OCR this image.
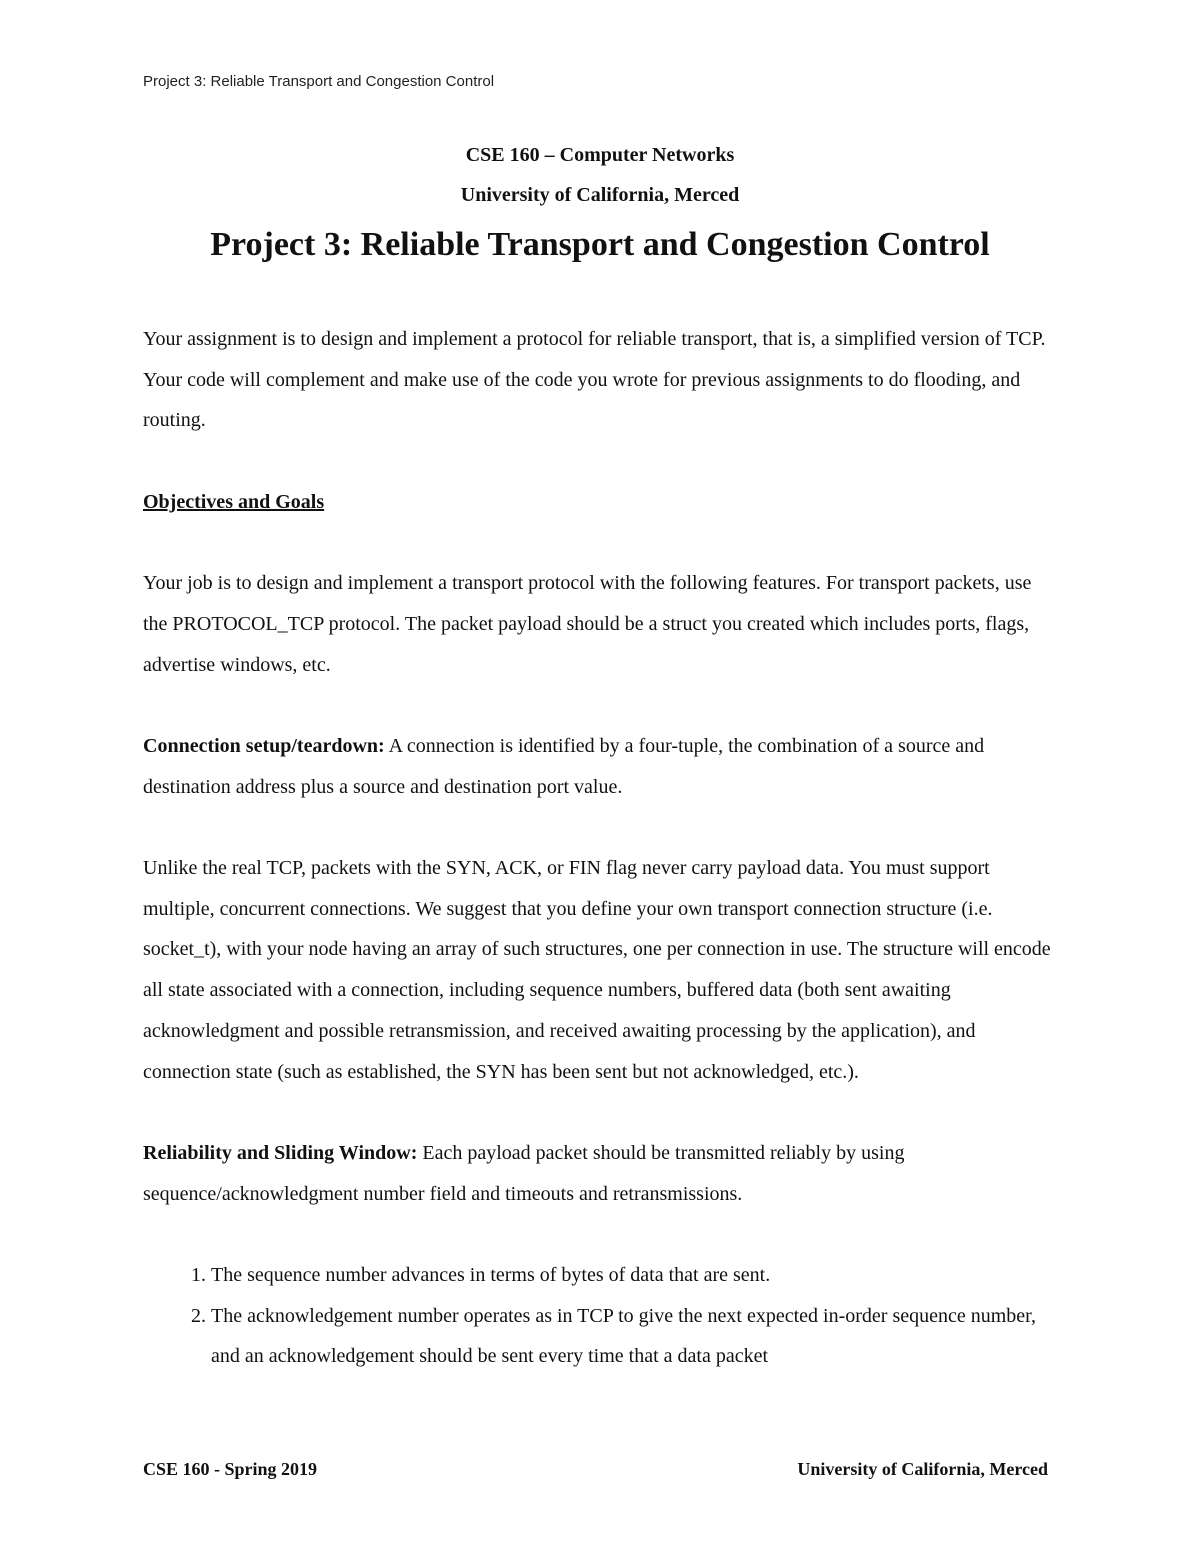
Project 3: Reliable Transport and Congestion Control
CSE 160 – Computer Networks
University of California, Merced
Project 3: Reliable Transport and Congestion Control

Your assignment is to design and implement a protocol for reliable transport, that is, a simplified version of TCP. Your code will complement and make use of the code you wrote for previous assignments to do flooding, and routing.

Objectives and Goals

Your job is to design and implement a transport protocol with the following features. For transport packets, use the PROTOCOL_TCP protocol. The packet payload should be a struct you created which includes ports, flags, advertise windows, etc.

Connection setup/teardown: A connection is identified by a four-tuple, the combination of a source and destination address plus a source and destination port value.

Unlike the real TCP, packets with the SYN, ACK, or FIN flag never carry payload data. You must support multiple, concurrent connections. We suggest that you define your own transport connection structure (i.e. socket_t), with your node having an array of such structures, one per connection in use. The structure will encode all state associated with a connection, including sequence numbers, buffered data (both sent awaiting acknowledgment and possible retransmission, and received awaiting processing by the application), and connection state (such as established, the SYN has been sent but not acknowledged, etc.).

Reliability and Sliding Window: Each payload packet should be transmitted reliably by using sequence/acknowledgment number field and timeouts and retransmissions.

1. The sequence number advances in terms of bytes of data that are sent.
2. The acknowledgement number operates as in TCP to give the next expected in-order sequence number, and an acknowledgement should be sent every time that a data packet
CSE 160 - Spring 2019	University of California, Merced
